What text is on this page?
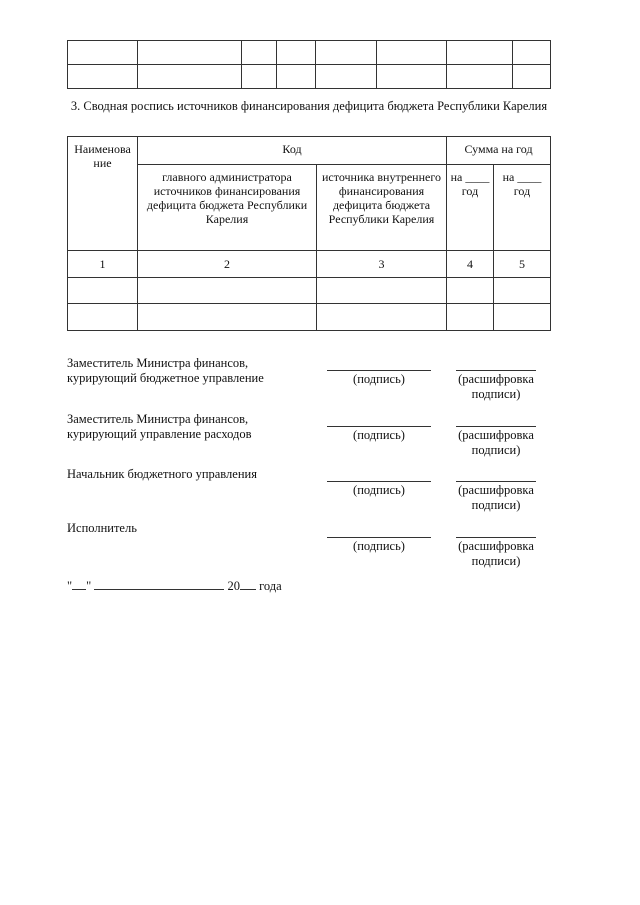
3. Сводная роспись источников финансирования дефицита бюджета Республики Карелия
Наименова ние	Код		Сумма на год	
	главного администратора источников финансирования дефицита бюджета Республики Карелия	источника внутреннего финансирования дефицита бюджета Республики Карелия	на ____ год	на ____ год
1	2	3	4	5

Заместитель Министра финансов, курирующий бюджетное управление	(подпись)	(расшифровка подписи)
Заместитель Министра финансов, курирующий управление расходов	(подпись)	(расшифровка подписи)
Начальник бюджетного управления
(подпись)	(расшифровка подписи)
Исполнитель
(подпись)	(расшифровка подписи)
" "	20 года
